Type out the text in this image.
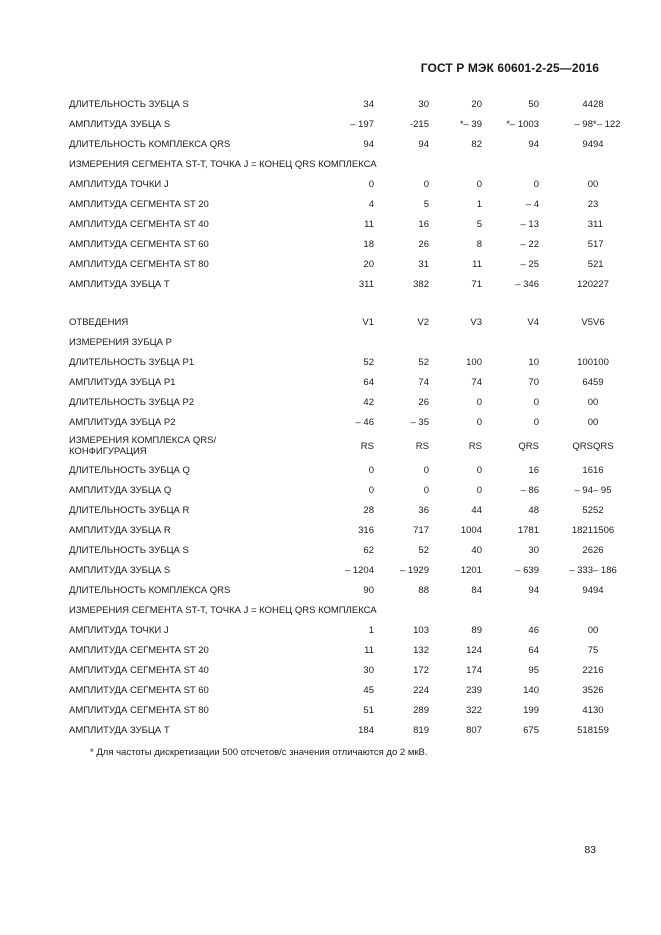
ГОСТ Р МЭК 60601-2-25—2016
ДЛИТЕЛЬНОСТЬ ЗУБЦА S		34	30	20	50	44	28
АМПЛИТУДА ЗУБЦА S		– 197	-215	*– 39	*– 1003	– 98	*– 122
ДЛИТЕЛЬНОСТЬ КОМПЛЕКСА QRS		94	94	82	94	94	94
ИЗМЕРЕНИЯ СЕГМЕНТА ST-T, ТОЧКА J = КОНЕЦ QRS КОМПЛЕКСА							
АМПЛИТУДА ТОЧКИ J		0	0	0	0	0	0
АМПЛИТУДА СЕГМЕНТА ST 20		4	5	1	– 4	2	3
АМПЛИТУДА СЕГМЕНТА ST 40		11	16	5	– 13	3	11
АМПЛИТУДА СЕГМЕНТА ST 60		18	26	8	– 22	5	17
АМПЛИТУДА СЕГМЕНТА ST 80		20	31	11	– 25	5	21
АМПЛИТУДА ЗУБЦА Т		311	382	71	– 346	120	227
ОТВЕДЕНИЯ		V1	V2	V3	V4	V5	V6
ИЗМЕРЕНИЯ ЗУБЦА Р							
ДЛИТЕЛЬНОСТЬ ЗУБЦА Р1		52	52	100	10	100	100
АМПЛИТУДА ЗУБЦА Р1		64	74	74	70	64	59
ДЛИТЕЛЬНОСТЬ ЗУБЦА Р2		42	26	0	0	0	0
АМПЛИТУДА ЗУБЦА Р2		– 46	– 35	0	0	0	0
ИЗМЕРЕНИЯ КОМПЛЕКСА QRS/КОНФИГУРАЦИЯ		RS	RS	RS	QRS	QRS	QRS
ДЛИТЕЛЬНОСТЬ ЗУБЦА Q		0	0	0	16	16	16
АМПЛИТУДА ЗУБЦА Q		0	0	0	– 86	– 94	– 95
ДЛИТЕЛЬНОСТЬ ЗУБЦА R		28	36	44	48	52	52
АМПЛИТУДА ЗУБЦА R		316	717	1004	1781	1821	1506
ДЛИТЕЛЬНОСТЬ ЗУБЦА S		62	52	40	30	26	26
АМПЛИТУДА ЗУБЦА S		– 1204	– 1929	1201	– 639	– 333	– 186
ДЛИТЕЛЬНОСТЬ КОМПЛЕКСА QRS		90	88	84	94	94	94
ИЗМЕРЕНИЯ СЕГМЕНТА ST-T, ТОЧКА J = КОНЕЦ QRS КОМПЛЕКСА							
АМПЛИТУДА ТОЧКИ J		1	103	89	46	0	0
АМПЛИТУДА СЕГМЕНТА ST 20		11	132	124	64	7	5
АМПЛИТУДА СЕГМЕНТА ST 40		30	172	174	95	22	16
АМПЛИТУДА СЕГМЕНТА ST 60		45	224	239	140	35	26
АМПЛИТУДА СЕГМЕНТА ST 80		51	289	322	199	41	30
АМПЛИТУДА ЗУБЦА Т		184	819	807	675	518	159
* Для частоты дискретизации 500 отсчетов/с значения отличаются до 2 мкВ.
83
